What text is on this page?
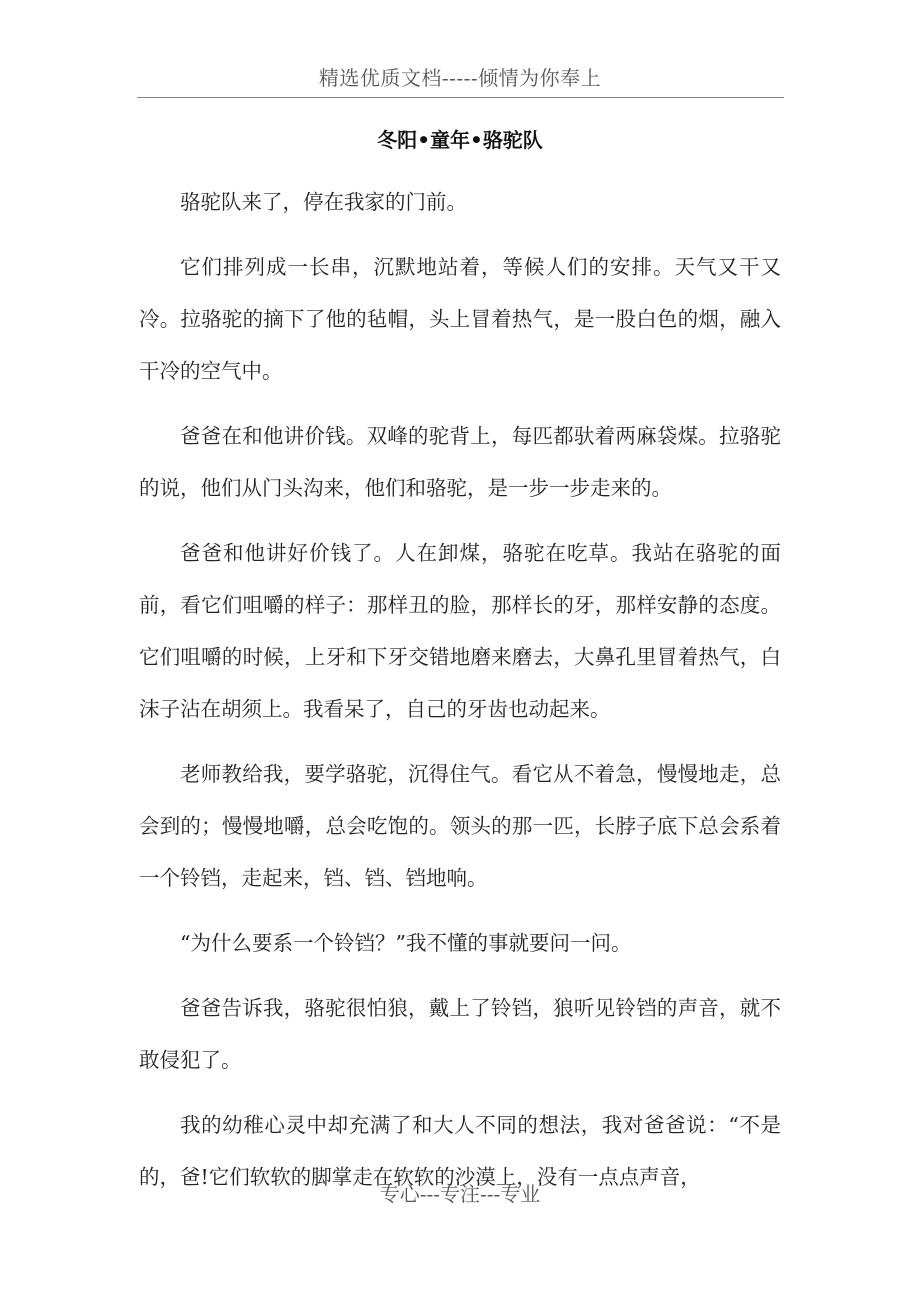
精选优质文档-----倾情为你奉上
冬阳•童年•骆驼队

骆驼队来了，停在我家的门前。

它们排列成一长串，沉默地站着，等候人们的安排。天气又干又冷。拉骆驼的摘下了他的毡帽，头上冒着热气，是一股白色的烟，融入干冷的空气中。

爸爸在和他讲价钱。双峰的驼背上，每匹都驮着两麻袋煤。拉骆驼的说，他们从门头沟来，他们和骆驼，是一步一步走来的。

爸爸和他讲好价钱了。人在卸煤，骆驼在吃草。我站在骆驼的面前，看它们咀嚼的样子：那样丑的脸，那样长的牙，那样安静的态度。它们咀嚼的时候，上牙和下牙交错地磨来磨去，大鼻孔里冒着热气，白沫子沾在胡须上。我看呆了，自己的牙齿也动起来。

老师教给我，要学骆驼，沉得住气。看它从不着急，慢慢地走，总会到的；慢慢地嚼，总会吃饱的。领头的那一匹，长脖子底下总会系着一个铃铛，走起来，铛、铛、铛地响。

“为什么要系一个铃铛？”我不懂的事就要问一问。

爸爸告诉我，骆驼很怕狼，戴上了铃铛，狼听见铃铛的声音，就不敢侵犯了。

我的幼稚心灵中却充满了和大人不同的想法，我对爸爸说：“不是的，爸!它们软软的脚掌走在软软的沙漠上，没有一点点声音，

专心---专注---专业
